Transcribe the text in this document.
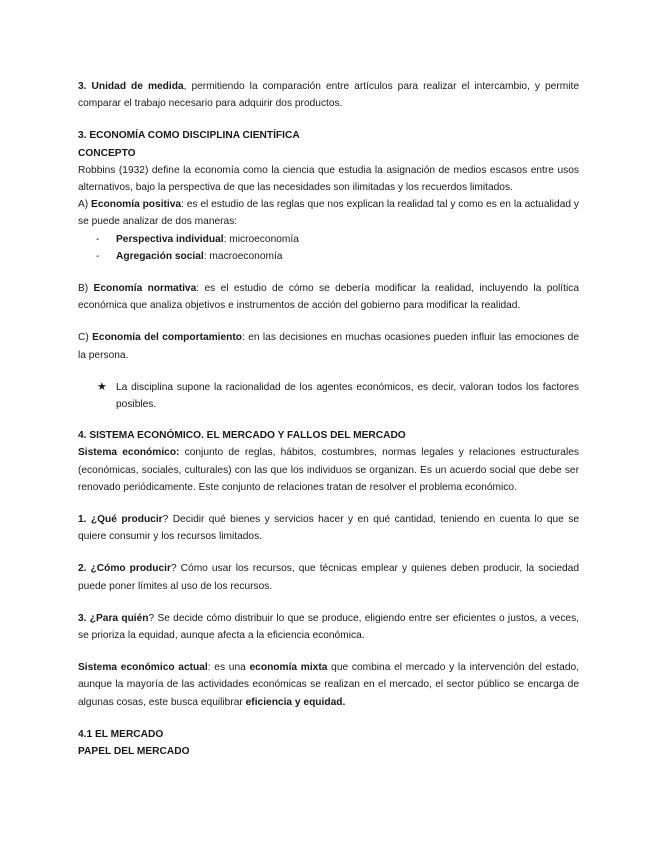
3. Unidad de medida, permitiendo la comparación entre artículos para realizar el intercambio, y permite comparar el trabajo necesario para adquirir dos productos.

3. ECONOMÍA COMO DISCIPLINA CIENTÍFICA

CONCEPTO

Robbins (1932) define la economía como la ciencia que estudia la asignación de medios escasos entre usos alternativos, bajo la perspectiva de que las necesidades son ilimitadas y los recuerdos limitados.

A) Economía positiva: es el estudio de las reglas que nos explican la realidad tal y como es en la actualidad y se puede analizar de dos maneras:

- Perspectiva individual: microeconomía
- Agregación social: macroeconomía

B) Economía normativa: es el estudio de cómo se debería modificar la realidad, incluyendo la política económica que analiza objetivos e instrumentos de acción del gobierno para modificar la realidad.

C) Economía del comportamiento: en las decisiones en muchas ocasiones pueden influir las emociones de la persona.

★ La disciplina supone la racionalidad de los agentes económicos, es decir, valoran todos los factores posibles.

4. SISTEMA ECONÓMICO. EL MERCADO Y FALLOS DEL MERCADO

Sistema económico: conjunto de reglas, hábitos, costumbres, normas legales y relaciones estructurales (económicas, sociales, culturales) con las que los individuos se organizan. Es un acuerdo social que debe ser renovado periódicamente. Este conjunto de relaciones tratan de resolver el problema económico.

1. ¿Qué producir? Decidir qué bienes y servicios hacer y en qué cantidad, teniendo en cuenta lo que se quiere consumir y los recursos limitados.

2. ¿Cómo producir? Cómo usar los recursos, que técnicas emplear y quienes deben producir, la sociedad puede poner límites al uso de los recursos.

3. ¿Para quién? Se decide cómo distribuir lo que se produce, eligiendo entre ser eficientes o justos, a veces, se prioriza la equidad, aunque afecta a la eficiencia económica.

Sistema económico actual: es una economía mixta que combina el mercado y la intervención del estado, aunque la mayoría de las actividades económicas se realizan en el mercado, el sector público se encarga de algunas cosas, este busca equilibrar eficiencia y equidad.

4.1 EL MERCADO

PAPEL DEL MERCADO
